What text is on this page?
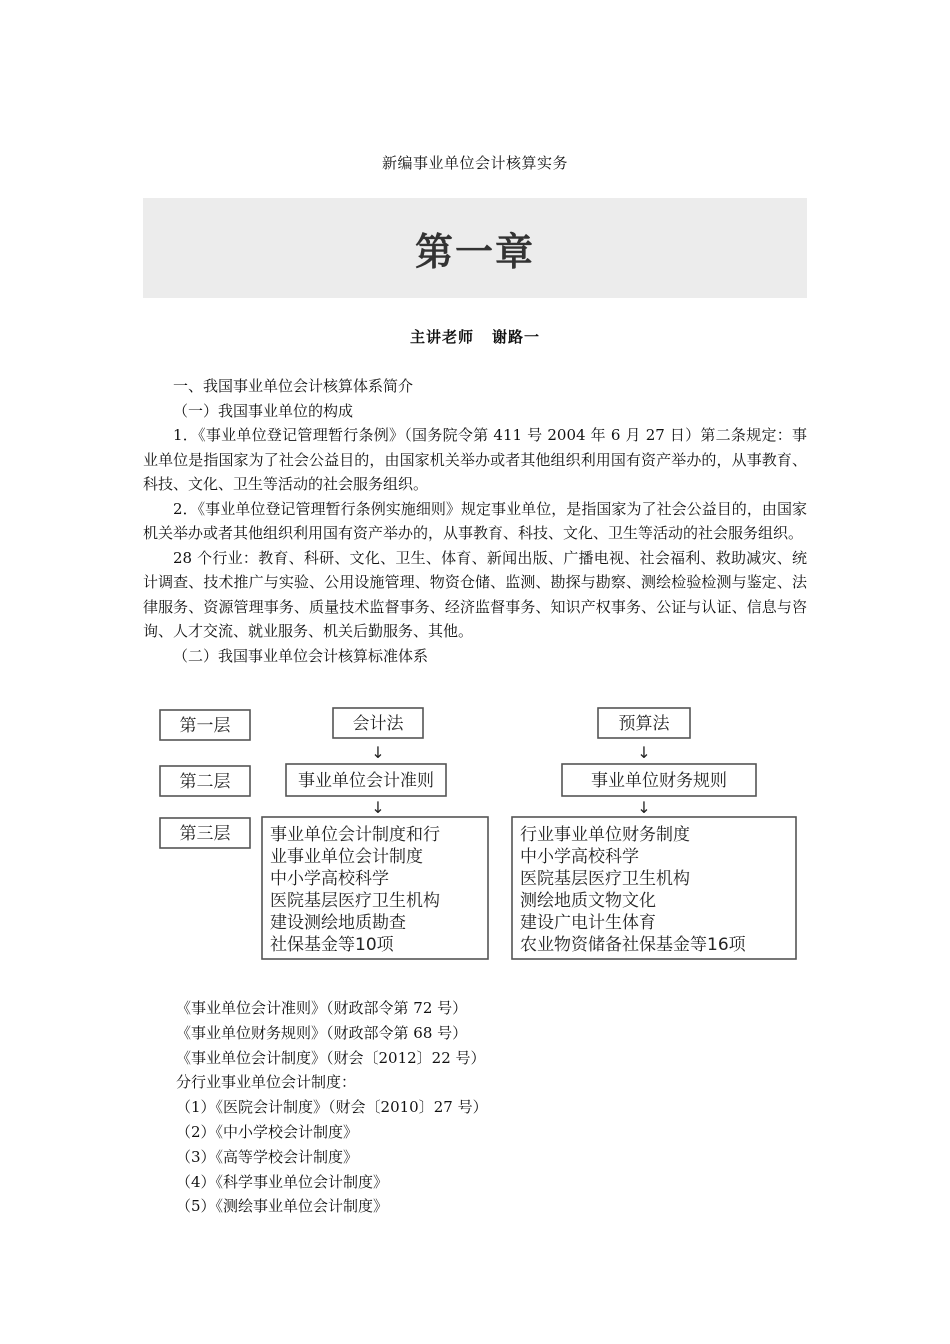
新编事业单位会计核算实务
第一章
主讲老师 谢路一

一、我国事业单位会计核算体系简介

（一）我国事业单位的构成

1．《事业单位登记管理暂行条例》（国务院令第 411 号 2004 年 6 月 27 日）第二条规定：事业单位是指国家为了社会公益目的，由国家机关举办或者其他组织利用国有资产举办的，从事教育、科技、文化、卫生等活动的社会服务组织。

2．《事业单位登记管理暂行条例实施细则》规定事业单位，是指国家为了社会公益目的，由国家机关举办或者其他组织利用国有资产举办的，从事教育、科技、文化、卫生等活动的社会服务组织。

28 个行业：教育、科研、文化、卫生、体育、新闻出版、广播电视、社会福利、救助减灾、统计调查、技术推广与实验、公用设施管理、物资仓储、监测、勘探与勘察、测绘检验检测与鉴定、法律服务、资源管理事务、质量技术监督事务、经济监督事务、知识产权事务、公证与认证、信息与咨询、人才交流、就业服务、机关后勤服务、其他。

（二）我国事业单位会计核算标准体系

第一层
第二层
第三层
会计法
事业单位会计准则
预算法
事业单位财务规则
↓
↓
↓
↓
事业单位会计制度和行
业事业单位会计制度
中小学高校科学
医院基层医疗卫生机构
建设测绘地质勘查
社保基金等10项
行业事业单位财务制度
中小学高校科学
医院基层医疗卫生机构
测绘地质文物文化
建设广电计生体育
农业物资储备社保基金等16项

《事业单位会计准则》（财政部令第 72 号）

《事业单位财务规则》（财政部令第 68 号）

《事业单位会计制度》（财会〔2012〕22 号）

分行业事业单位会计制度：

（1）《医院会计制度》（财会〔2010〕27 号）

（2）《中小学校会计制度》

（3）《高等学校会计制度》

（4）《科学事业单位会计制度》

（5）《测绘事业单位会计制度》
